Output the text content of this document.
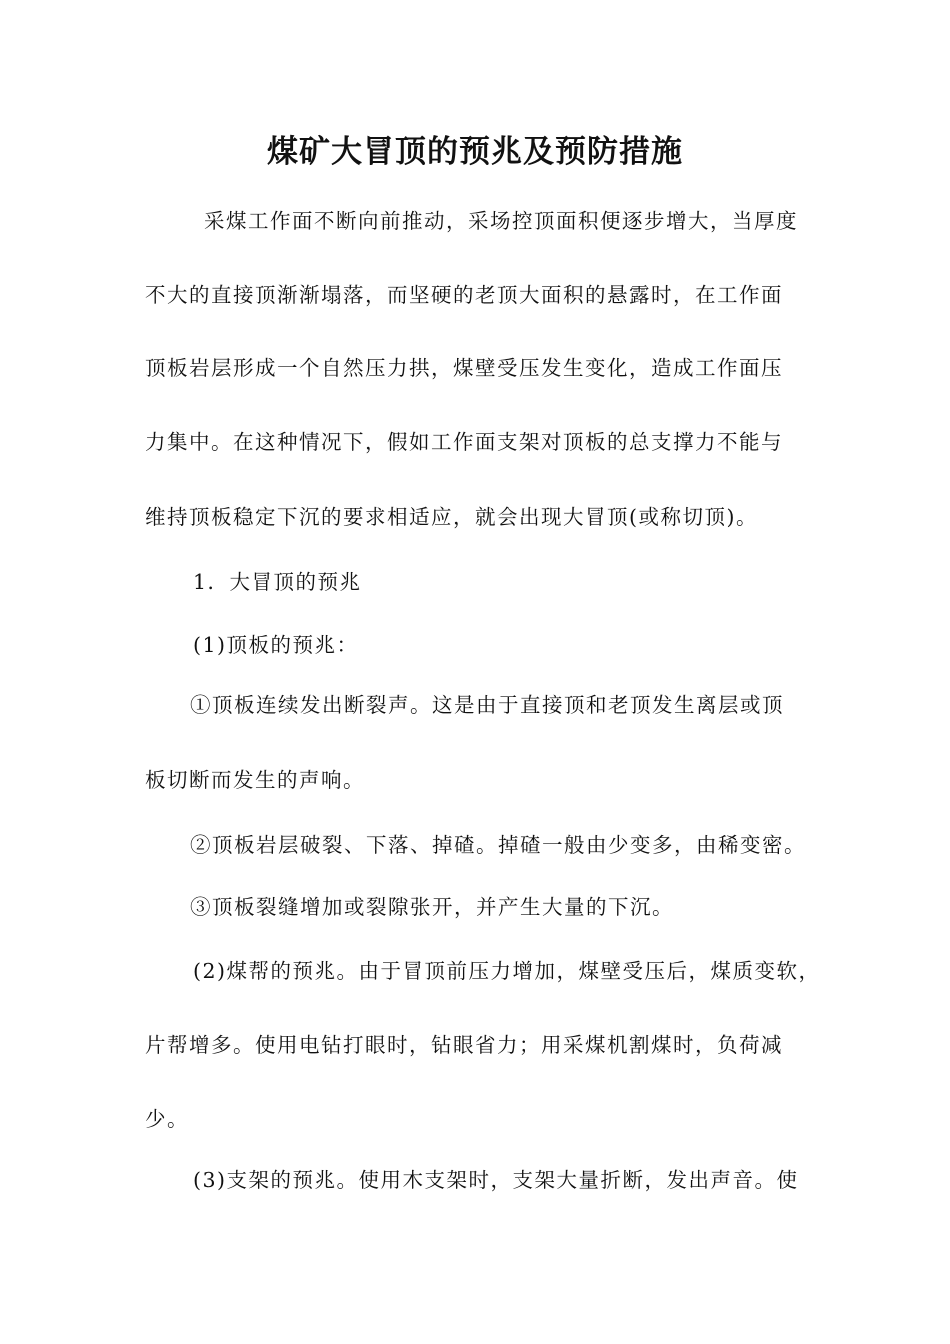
煤矿大冒顶的预兆及预防措施
采煤工作面不断向前推动，采场控顶面积便逐步增大，当厚度
不大的直接顶渐渐塌落，而坚硬的老顶大面积的悬露时，在工作面
顶板岩层形成一个自然压力拱，煤壁受压发生变化，造成工作面压
力集中。在这种情况下，假如工作面支架对顶板的总支撑力不能与
维持顶板稳定下沉的要求相适应，就会出现大冒顶(或称切顶)。
1．大冒顶的预兆
(1)顶板的预兆：
①顶板连续发出断裂声。这是由于直接顶和老顶发生离层或顶
板切断而发生的声响。
②顶板岩层破裂、下落、掉碴。掉碴一般由少变多，由稀变密。
③顶板裂缝增加或裂隙张开，并产生大量的下沉。
(2)煤帮的预兆。由于冒顶前压力增加，煤壁受压后，煤质变软，
片帮增多。使用电钻打眼时，钻眼省力；用采煤机割煤时，负荷减
少。
(3)支架的预兆。使用木支架时，支架大量折断，发出声音。使
